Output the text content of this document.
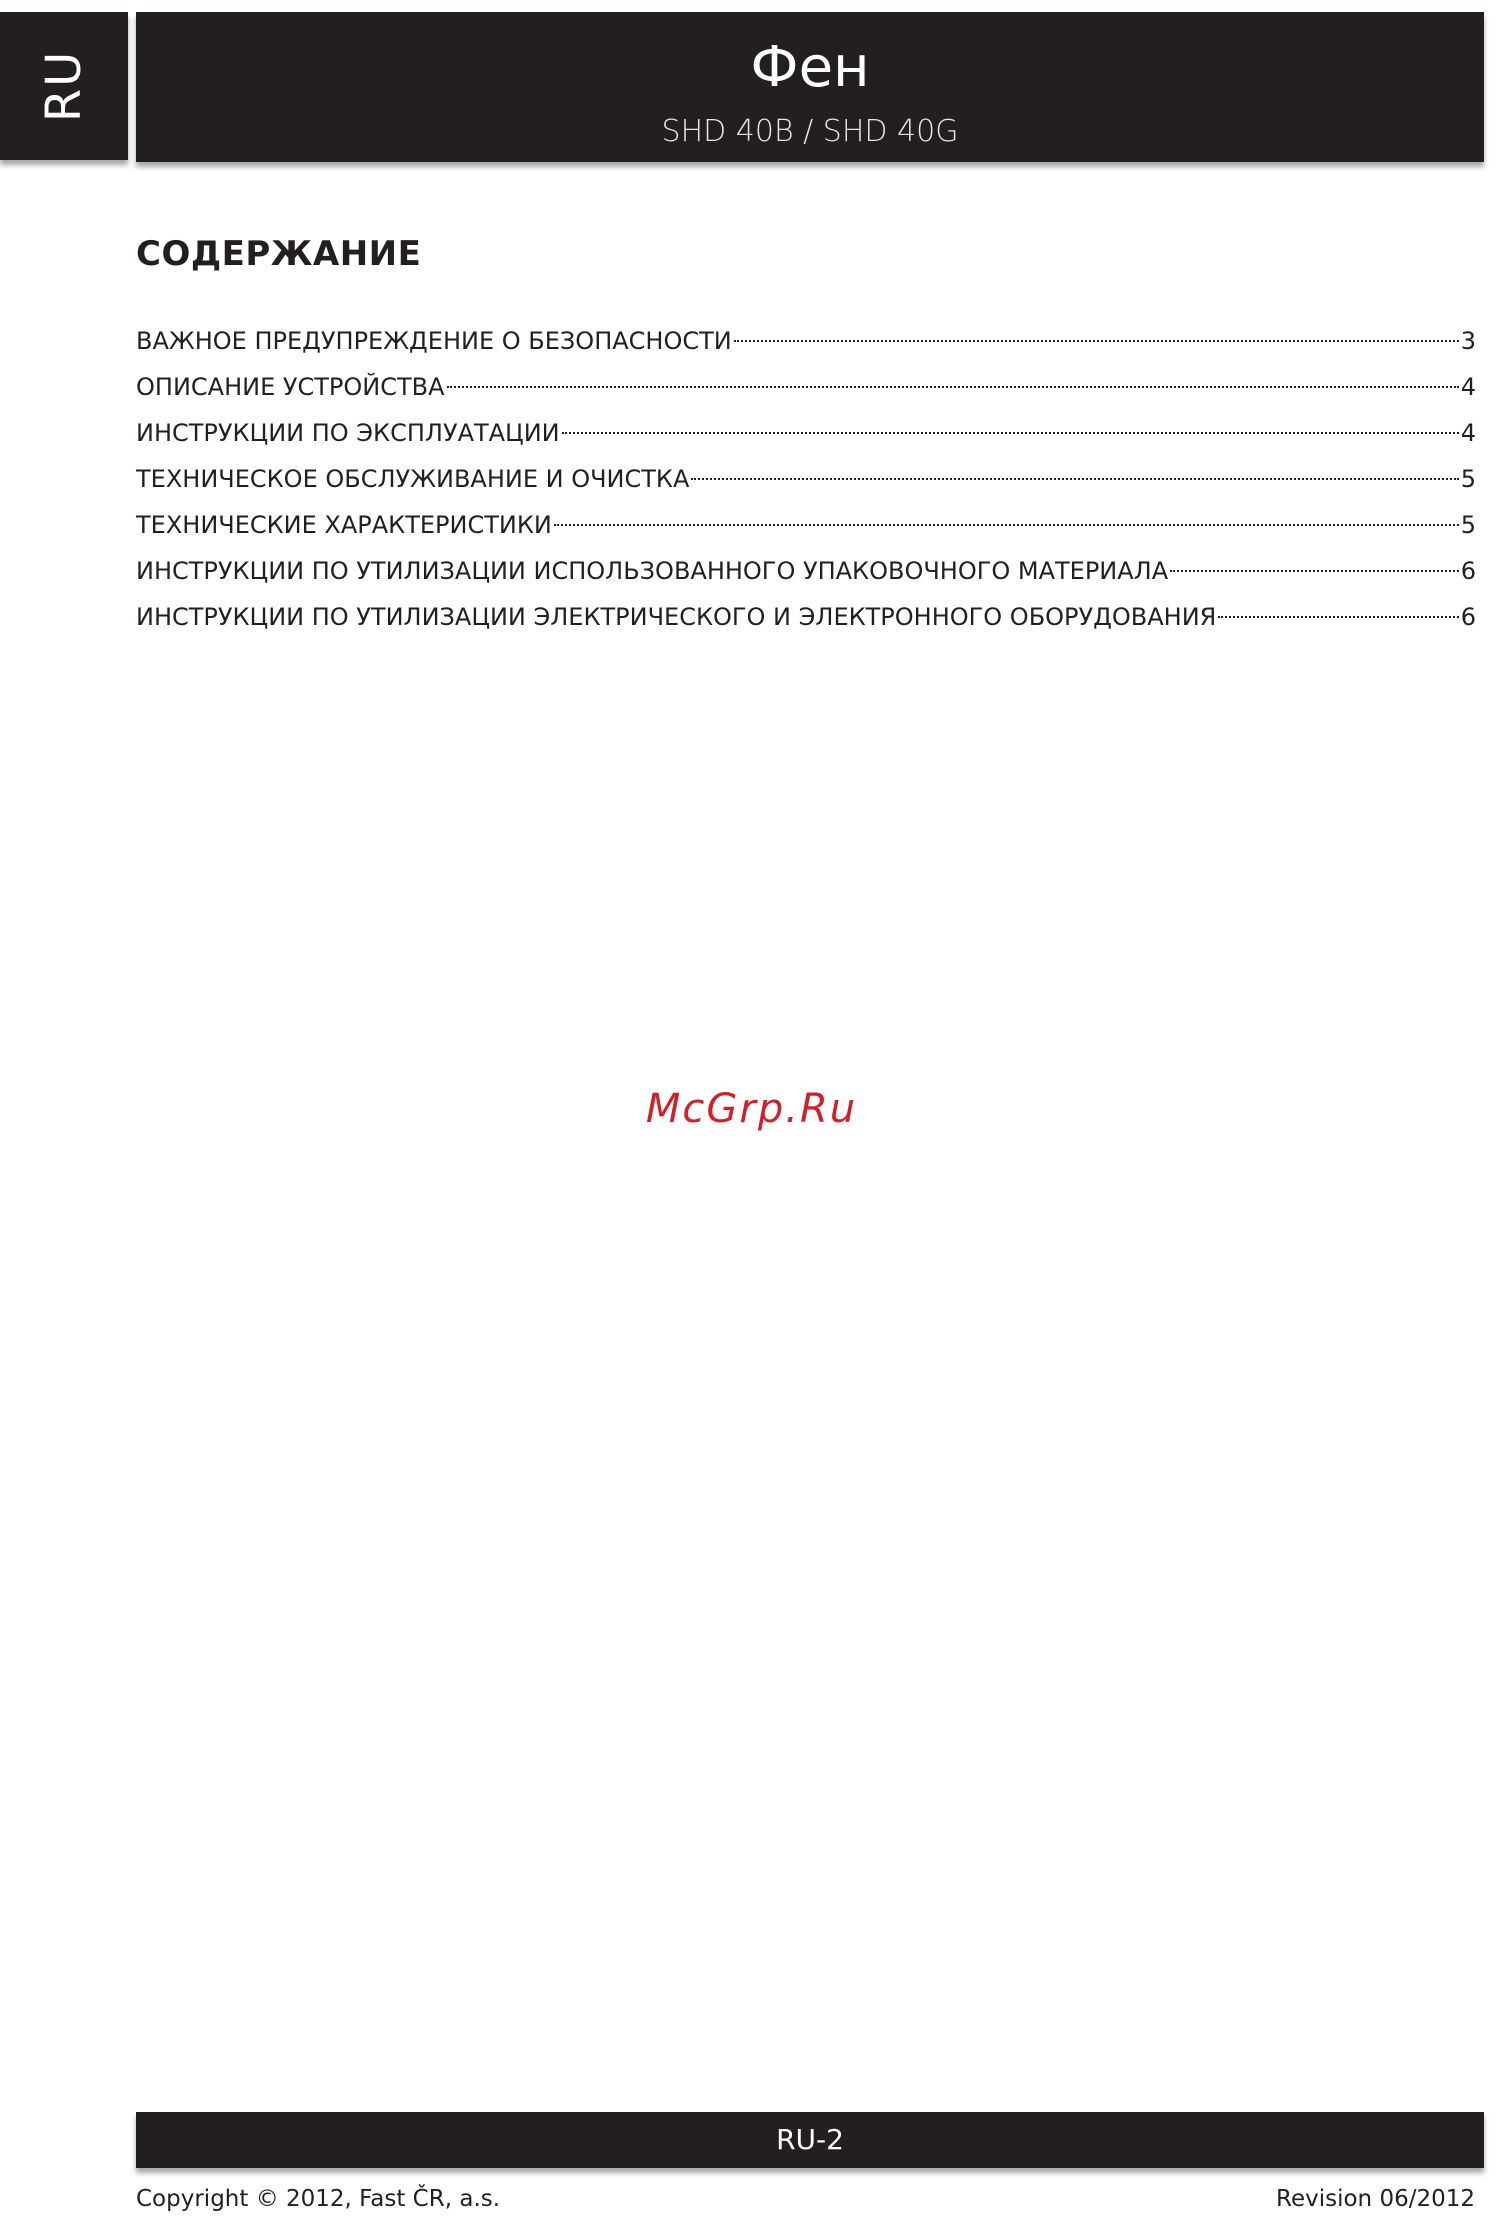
RU	Фен
SHD 40B / SHD 40G
СОДЕРЖАНИЕ
ВАЖНОЕ ПРЕДУПРЕЖДЕНИЕ О БЕЗОПАСНОСТИ	3
ОПИСАНИЕ УСТРОЙСТВА	4
ИНСТРУКЦИИ ПО ЭКСПЛУАТАЦИИ	4
ТЕХНИЧЕСКОЕ ОБСЛУЖИВАНИЕ И ОЧИСТКА	5
ТЕХНИЧЕСКИЕ ХАРАКТЕРИСТИКИ	5
ИНСТРУКЦИИ ПО УТИЛИЗАЦИИ ИСПОЛЬЗОВАННОГО УПАКОВОЧНОГО МАТЕРИАЛА	6
ИНСТРУКЦИИ ПО УТИЛИЗАЦИИ ЭЛЕКТРИЧЕСКОГО И ЭЛЕКТРОННОГО ОБОРУДОВАНИЯ	6
McGrp.Ru
RU-2
Copyright © 2012, Fast ČR, a.s.	Revision 06/2012
